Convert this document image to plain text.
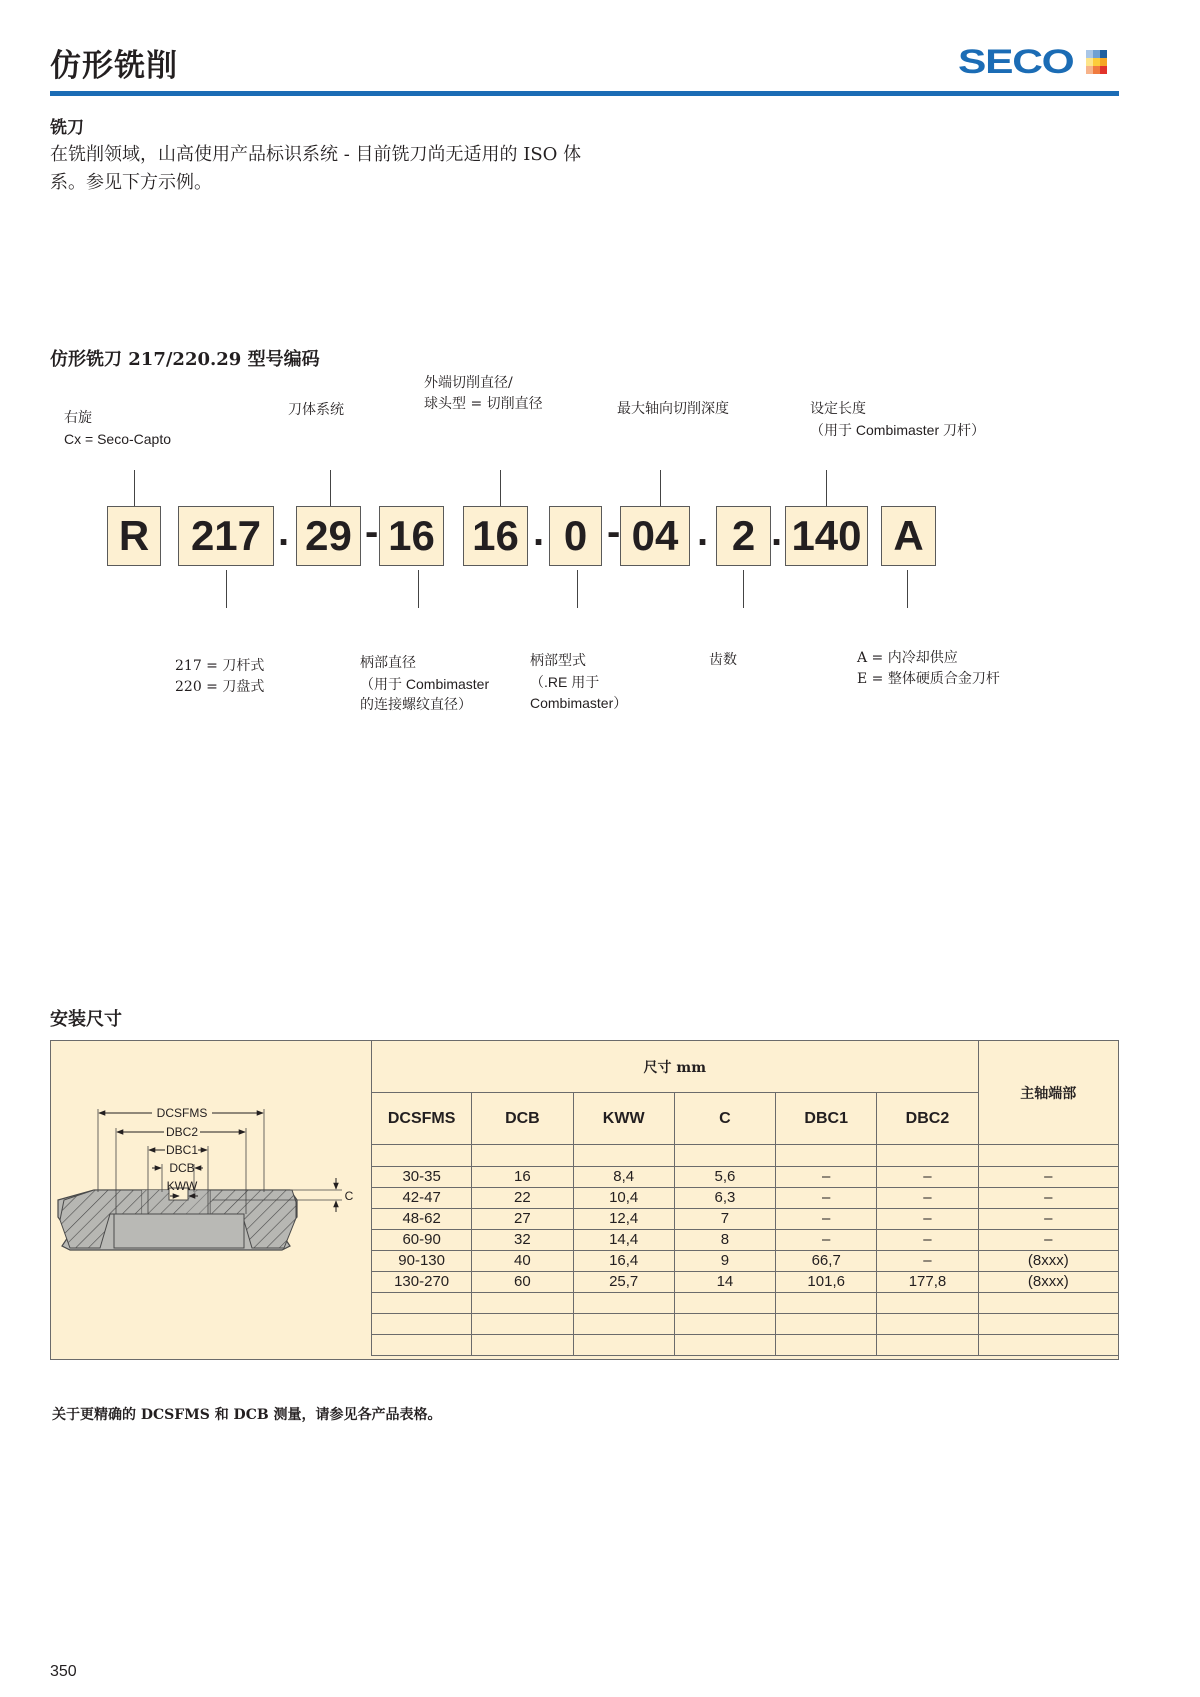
仿形铣削	SECO
铣刀
在铣削领域，山高使用产品标识系统 - 目前铣刀尚无适用的 ISO 体
系。参见下方示例。
仿形铣刀 217/220.29 型号编码
右旋
Cx = Seco-Capto
刀体系统
外端切削直径/
球头型 = 切削直径	最大轴向切削深度	设定长度
（用于 Combimaster 刀杆）
R 217 . 29 - 16 16 . 0 - 04 . 2 . 140 A
217 = 刀杆式
220 = 刀盘式
柄部直径
（用于 Combimaster
的连接螺纹直径）
柄部型式
（.RE 用于
Combimaster）
齿数	A = 内冷却供应
E = 整体硬质合金刀杆
安装尺寸
DCSFMS
DBC2
DBC1
DCB
KWW
C
尺寸 mm						主轴端部
DCSFMS	DCB	KWW	C	DBC1	DBC2	

30-35	16	8,4	5,6	–	–	–
42-47	22	10,4	6,3	–	–	–
48-62	27	12,4	7	–	–	–
60-90	32	14,4	8	–	–	–
90-130	40	16,4	9	66,7	–	(8xxx)
130-270	60	25,7	14	101,6	177,8	(8xxx)

关于更精确的 DCSFMS 和 DCB 测量，请参见各产品表格。
350
